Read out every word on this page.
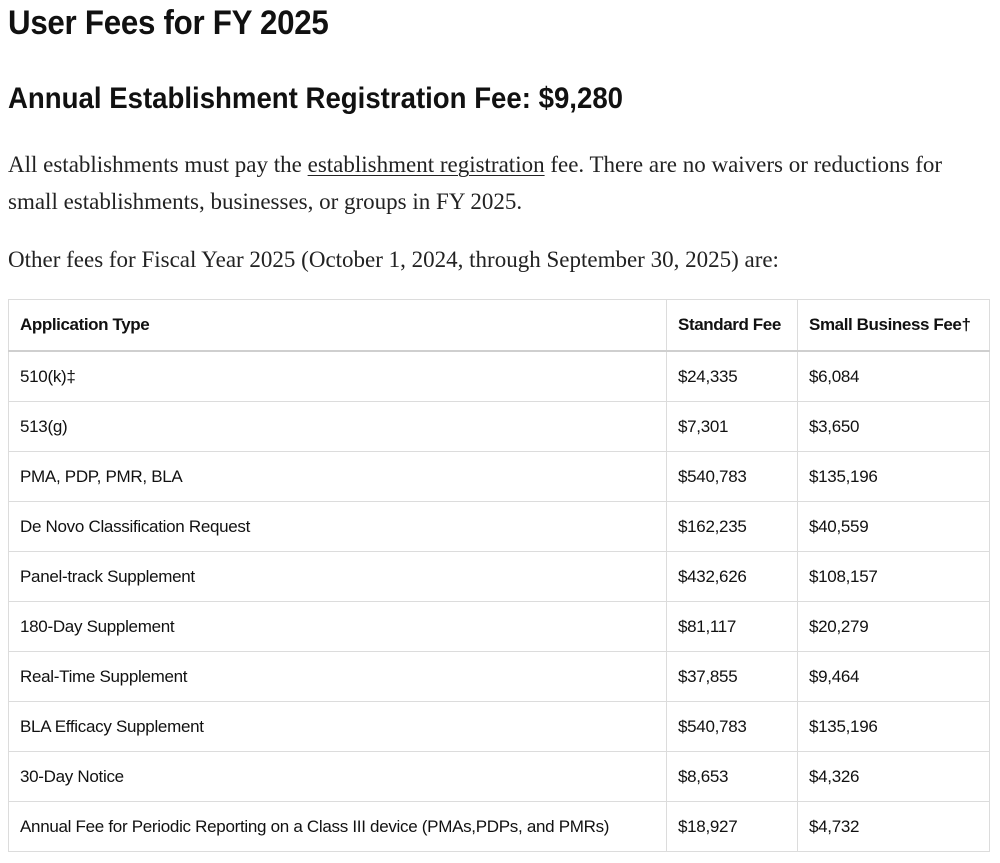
User Fees for FY 2025
Annual Establishment Registration Fee: $9,280

All establishments must pay the establishment registration fee. There are no waivers or reductions for small establishments, businesses, or groups in FY 2025.

Other fees for Fiscal Year 2025 (October 1, 2024, through September 30, 2025) are:

Application Type	Standard Fee	Small Business Fee†
510(k)‡	$24,335	$6,084
513(g)	$7,301	$3,650
PMA, PDP, PMR, BLA	$540,783	$135,196
De Novo Classification Request	$162,235	$40,559
Panel-track Supplement	$432,626	$108,157
180-Day Supplement	$81,117	$20,279
Real-Time Supplement	$37,855	$9,464
BLA Efficacy Supplement	$540,783	$135,196
30-Day Notice	$8,653	$4,326
Annual Fee for Periodic Reporting on a Class III device (PMAs,PDPs, and PMRs)	$18,927	$4,732
